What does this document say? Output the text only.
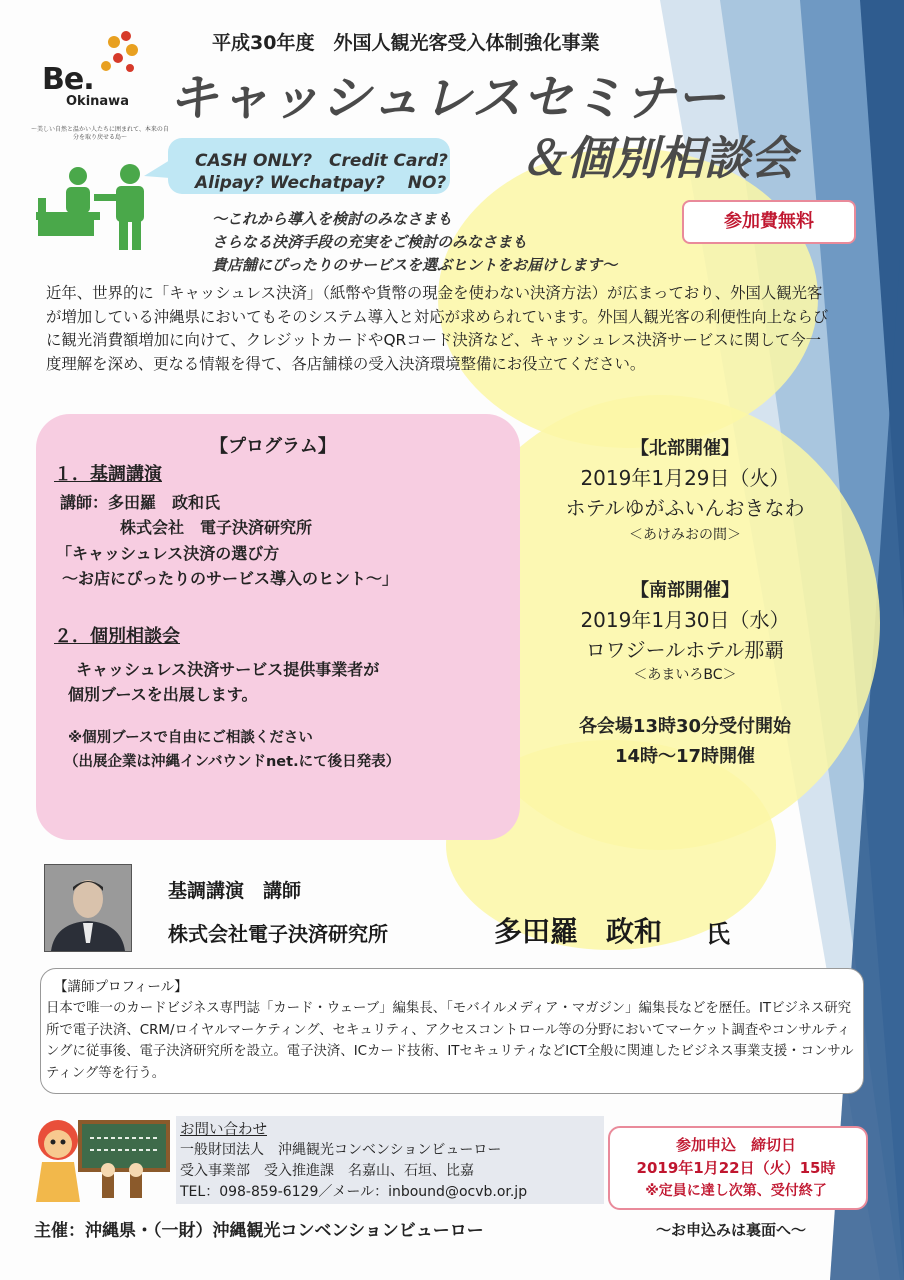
Be.
Okinawa
～美しい自然と温かい人たちに囲まれて、本来の自分を取り戻せる島～
平成30年度　外国人観光客受入体制強化事業
キャッシュレスセミナー
＆個別相談会
CASH ONLY?　Credit Card?
Alipay? Wechatpay?　 NO?
参加費無料
～これから導入を検討のみなさまも
さらなる決済手段の充実をご検討のみなさまも
貴店舗にぴったりのサービスを選ぶヒントをお届けします～
近年、世界的に「キャッシュレス決済」（紙幣や貨幣の現金を使わない決済方法）が広まっており、外国人観光客が増加している沖縄県においてもそのシステム導入と対応が求められています。外国人観光客の利便性向上ならびに観光消費額増加に向けて、クレジットカードやQRコード決済など、キャッシュレス決済サービスに関して今一度理解を深め、更なる情報を得て、各店舗様の受入決済環境整備にお役立てください。
【プログラム】
１．基調講演
講師：多田羅　政和氏
株式会社　電子決済研究所
「キャッシュレス決済の選び方
～お店にぴったりのサービス導入のヒント～」
２．個別相談会
キャッシュレス決済サービス提供事業者が
個別ブースを出展します。
※個別ブースで自由にご相談ください
（出展企業は沖縄インバウンドnet.にて後日発表）
【北部開催】
2019年1月29日（火）
ホテルゆがふいんおきなわ
＜あけみおの間＞
【南部開催】
2019年1月30日（水）
ロワジールホテル那覇
＜あまいろBC＞
各会場13時30分受付開始
14時～17時開催
基調講演　講師
株式会社電子決済研究所	多田羅　政和 氏
【講師プロフィール】
日本で唯一のカードビジネス専門誌「カード・ウェーブ」編集長、「モバイルメディア・マガジン」編集長などを歴任。ITビジネス研究所で電子決済、CRM/ロイヤルマーケティング、セキュリティ、アクセスコントロール等の分野においてマーケット調査やコンサルティングに従事後、電子決済研究所を設立。電子決済、ICカード技術、ITセキュリティなどICT全般に関連したビジネス事業支援・コンサルティング等を行う。
お問い合わせ
一般財団法人　沖縄観光コンベンションビューロー
受入事業部　受入推進課　名嘉山、石垣、比嘉
TEL：098-859-6129／メール：inbound@ocvb.or.jp
参加申込　締切日
2019年1月22日（火）15時
※定員に達し次第、受付終了
主催：沖縄県・（一財）沖縄観光コンベンションビューロー	～お申込みは裏面へ～
